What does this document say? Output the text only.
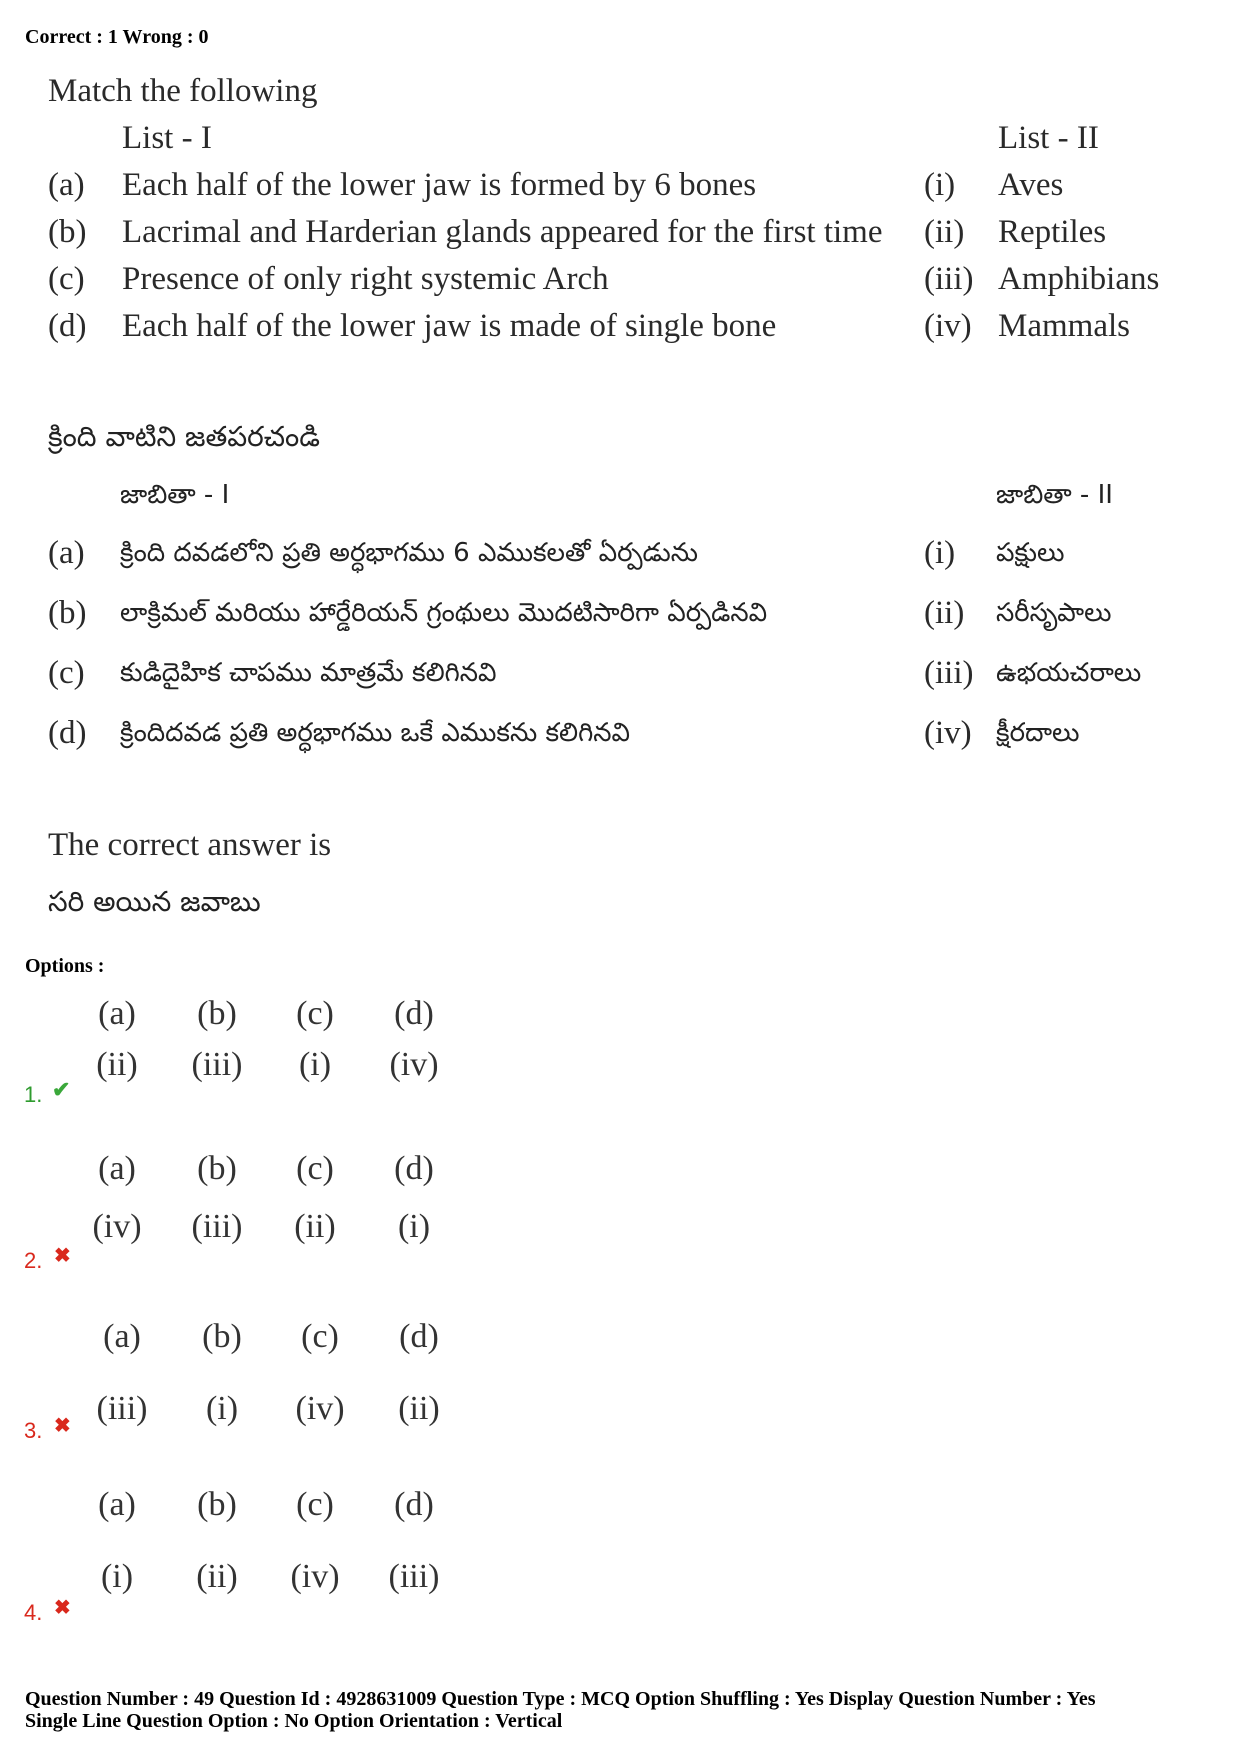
Correct : 1 Wrong : 0
Match the following
List - I	List - II
(a) Each half of the lower jaw is formed by 6 bones	(i) Aves
(b) Lacrimal and Harderian glands appeared for the first time (ii) Reptiles
(c) Presence of only right systemic Arch	(iii) Amphibians
(d) Each half of the lower jaw is made of single bone	(iv) Mammals
క్రింది వాటిని జతపరచండి
జాబితా - I	జాబితా - II
(a) క్రింది దవడలోని ప్రతి అర్ధభాగము 6 ఎముకలతో ఏర్పడును	(i) పక్షులు
(b) లాక్రిమల్ మరియు హార్డేరియన్ గ్రంథులు మొదటిసారిగా ఏర్పడినవి	(ii) సరీసృపాలు
(c) కుడిదైహిక చాపము మాత్రమే కలిగినవి	(iii) ఉభయచరాలు
(d) క్రిందిదవడ ప్రతి అర్ధభాగము ఒకే ఎముకను కలిగినవి	(iv) క్షీరదాలు
The correct answer is
సరి అయిన జవాబు
Options :
(a)	(b)	(c)	(d)
(ii)	(iii)	(i)	(iv)
1. ✔
(a)	(b)	(c)	(d)
(iv)	(iii)	(ii)	(i)
2. ✖
(a)	(b)	(c)	(d)
(iii)	(i)	(iv)	(ii)
3. ✖
(a)	(b)	(c)	(d)
(i)	(ii)	(iv)	(iii)
4. ✖
Question Number : 49 Question Id : 4928631009 Question Type : MCQ Option Shuffling : Yes Display Question Number : Yes
Single Line Question Option : No Option Orientation : Vertical
